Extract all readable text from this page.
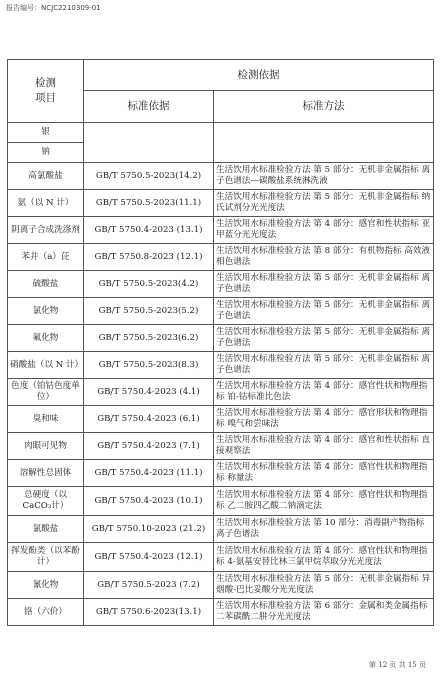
报告编号：NCJC2210309-01
检测
项目	检测依据	
	标准依据	标准方法
银		
钠		
高氯酸盐	GB/T 5750.5-2023(14.2)	生活饮用水标准检验方法 第 5 部分：无机非金属指标 离子色谱法—碳酸盐系统淋洗液
氨（以 N 计）	GB/T 5750.5-2023(11.1)	生活饮用水标准检验方法 第 5 部分：无机非金属指标 纳氏试剂分光光度法
阴离子合成洗涤剂	GB/T 5750.4-2023 (13.1)	生活饮用水标准检验方法 第 4 部分：感官和性状指标 亚甲蓝分光光度法
苯并（a）芘	GB/T 5750.8-2023 (12.1)	生活饮用水标准检验方法 第 8 部分：有机物指标 高效液相色谱法
硫酸盐	GB/T 5750.5-2023(4.2)	生活饮用水标准检验方法 第 5 部分：无机非金属指标 离子色谱法
氯化物	GB/T 5750.5-2023(5.2)	生活饮用水标准检验方法 第 5 部分：无机非金属指标 离子色谱法
氟化物	GB/T 5750.5-2023(6.2)	生活饮用水标准检验方法 第 5 部分：无机非金属指标 离子色谱法
硝酸盐（以 N 计）	GB/T 5750.5-2023(8.3)	生活饮用水标准检验方法 第 5 部分：无机非金属指标 离子色谱法
色度（铂钴色度单位）	GB/T 5750.4-2023 (4.1)	生活饮用水标准检验方法 第 4 部分：感官性状和物理指标 铂-钴标准比色法
臭和味	GB/T 5750.4-2023 (6.1)	生活饮用水标准检验方法 第 4 部分：感官形状和物理指标 嗅气和尝味法
肉眼可见物	GB/T 5750.4-2023 (7.1)	生活饮用水标准检验方法 第 4 部分：感官和性状指标 直接观察法
溶解性总固体	GB/T 5750.4-2023 (11.1)	生活饮用水标准检验方法 第 4 部分：感官性状和物理指标 称量法
总硬度（以 CaCO₃计）	GB/T 5750.4-2023 (10.1)	生活饮用水标准检验方法 第 4 部分：感官性状和物理指标 乙二胺四乙酸二钠滴定法
氯酸盐	GB/T 5750.10-2023 (21.2)	生活饮用水标准检验方法 第 10 部分：消毒副产物指标 离子色谱法
挥发酚类（以苯酚计）	GB/T 5750.4-2023 (12.1)	生活饮用水标准检验方法 第 4 部分：感官性状和物理指标 4-氨基安替比林三氯甲烷萃取分光光度法
氰化物	GB/T 5750.5-2023 (7.2)	生活饮用水标准检验方法 第 5 部分：无机非金属指标 异烟酸-巴比妥酸分光光度法
铬（六价）	GB/T 5750.6-2023(13.1)	生活饮用水标准检验方法 第 6 部分：金属和类金属指标 二苯碳酰二肼分光光度法
第 12 页 共 15 页
